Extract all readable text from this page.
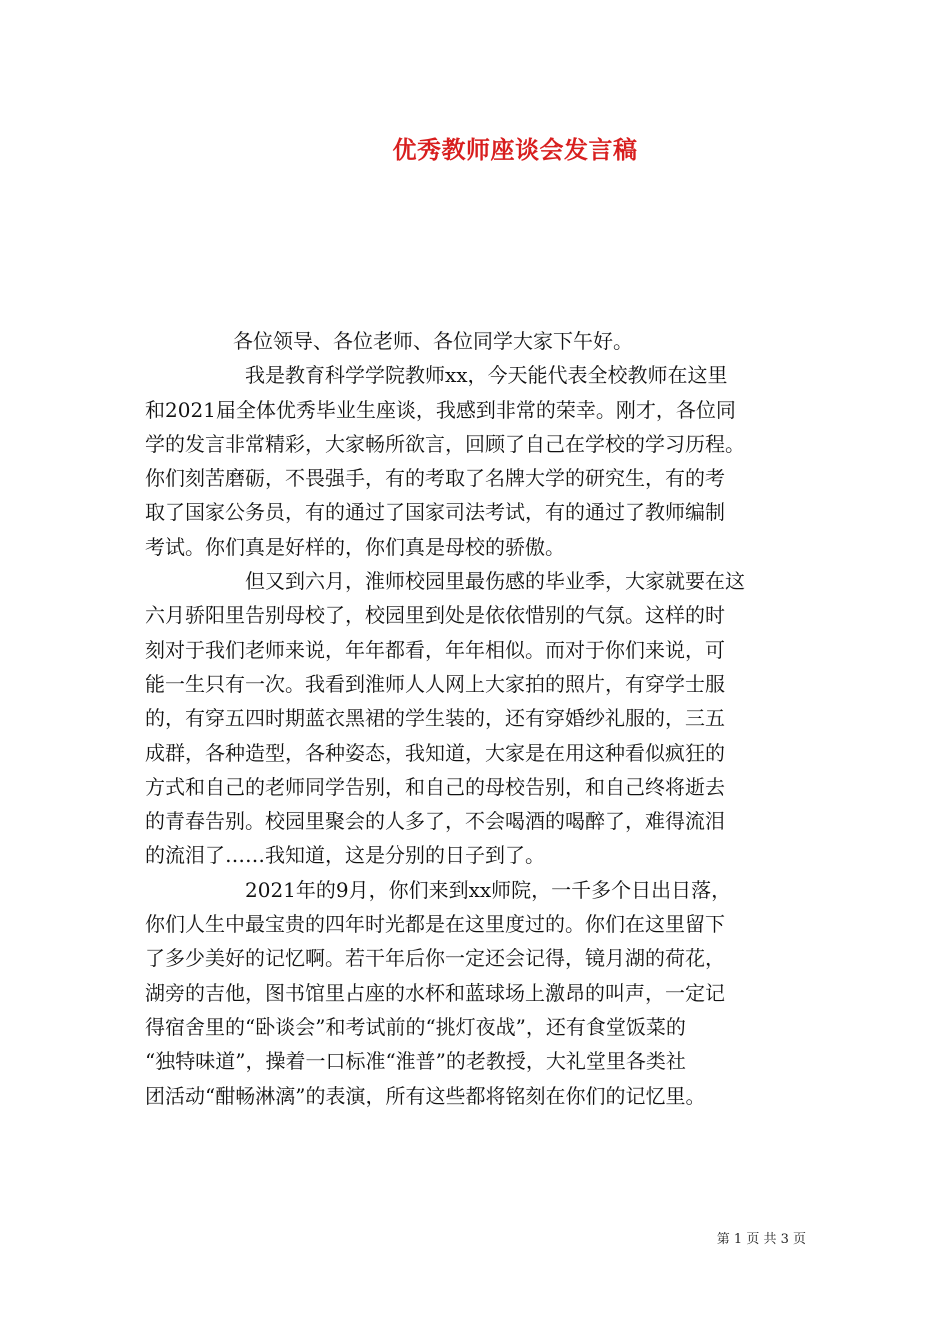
优秀教师座谈会发言稿
各位领导、各位老师、各位同学大家下午好。
我是教育科学学院教师xx，今天能代表全校教师在这里
和2021届全体优秀毕业生座谈，我感到非常的荣幸。刚才，各位同
学的发言非常精彩，大家畅所欲言，回顾了自己在学校的学习历程。
你们刻苦磨砺，不畏强手，有的考取了名牌大学的研究生，有的考
取了国家公务员，有的通过了国家司法考试，有的通过了教师编制
考试。你们真是好样的，你们真是母校的骄傲。
但又到六月，淮师校园里最伤感的毕业季，大家就要在这
六月骄阳里告别母校了，校园里到处是依依惜别的气氛。这样的时
刻对于我们老师来说，年年都看，年年相似。而对于你们来说，可
能一生只有一次。我看到淮师人人网上大家拍的照片，有穿学士服
的，有穿五四时期蓝衣黑裙的学生装的，还有穿婚纱礼服的，三五
成群，各种造型，各种姿态，我知道，大家是在用这种看似疯狂的
方式和自己的老师同学告别，和自己的母校告别，和自己终将逝去
的青春告别。校园里聚会的人多了，不会喝酒的喝醉了，难得流泪
的流泪了……我知道，这是分别的日子到了。
2021年的9月，你们来到xx师院，一千多个日出日落，
你们人生中最宝贵的四年时光都是在这里度过的。你们在这里留下
了多少美好的记忆啊。若干年后你一定还会记得，镜月湖的荷花，
湖旁的吉他，图书馆里占座的水杯和蓝球场上激昂的叫声，一定记
得宿舍里的“卧谈会”和考试前的“挑灯夜战”，还有食堂饭菜的
“独特味道”，操着一口标准“淮普”的老教授，大礼堂里各类社
团活动“酣畅淋漓”的表演，所有这些都将铭刻在你们的记忆里。
第 1 页 共 3 页
